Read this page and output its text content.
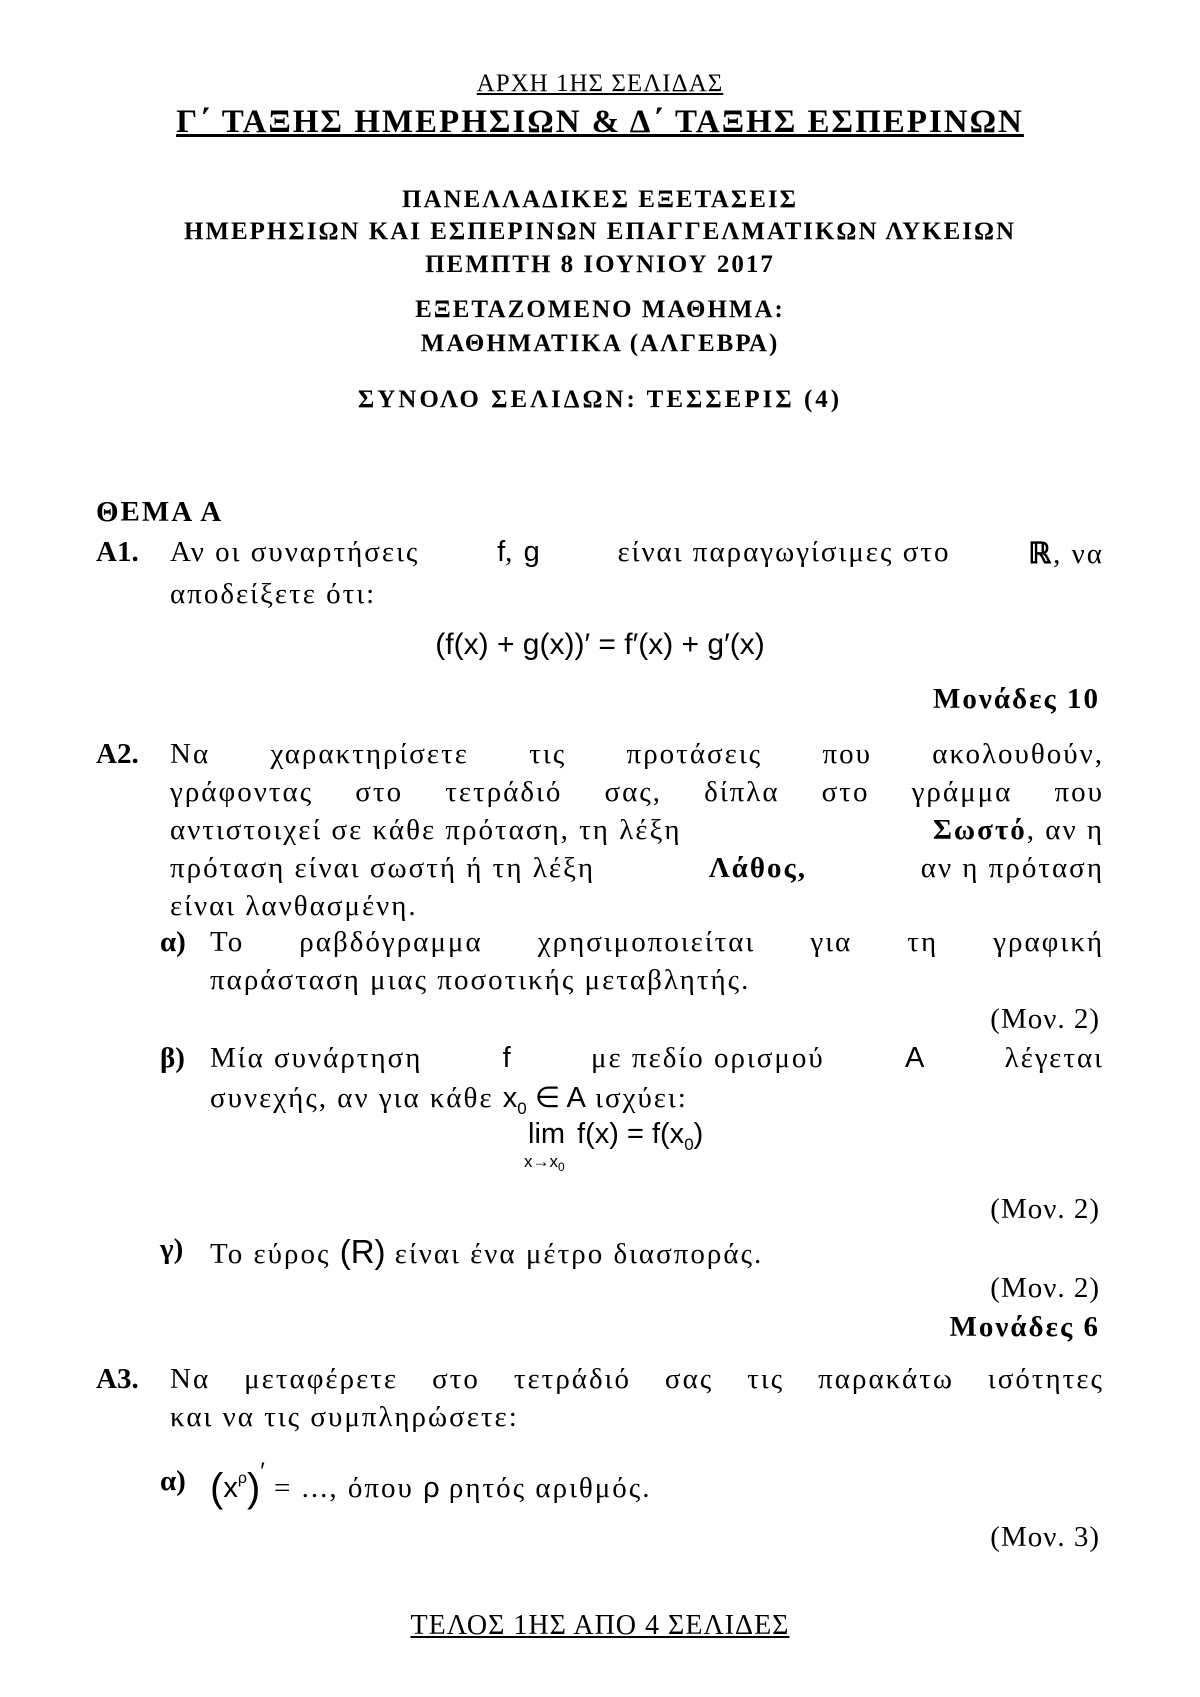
ΑΡΧΗ 1ΗΣ ΣΕΛΙΔΑΣ
Γ΄ ΤΑΞΗΣ ΗΜΕΡΗΣΙΩΝ & Δ΄ ΤΑΞΗΣ ΕΣΠΕΡΙΝΩΝ
ΠΑΝΕΛΛΑΔΙΚΕΣ ΕΞΕΤΑΣΕΙΣ
ΗΜΕΡΗΣΙΩΝ ΚΑΙ ΕΣΠΕΡΙΝΩΝ ΕΠΑΓΓΕΛΜΑΤΙΚΩΝ ΛΥΚΕΙΩΝ
ΠΕΜΠΤΗ 8 ΙΟΥΝΙΟΥ 2017
ΕΞΕΤΑΖΟΜΕΝΟ ΜΑΘΗΜΑ:
ΜΑΘΗΜΑΤΙΚΑ (ΑΛΓΕΒΡΑ)
ΣΥΝΟΛΟ ΣΕΛΙΔΩΝ: ΤΕΣΣΕΡΙΣ (4)
ΘΕΜΑ Α
Α1. Αν οι συναρτήσεις	f, g	είναι παραγωγίσιμες στο	ℝ, να
αποδείξετε ότι:
(f(x) + g(x))′ = f′(x) + g′(x)
Μονάδες 10
Α2. Να χαρακτηρίσετε τις προτάσεις που ακολουθούν,
γράφοντας στο τετράδιό σας, δίπλα στο γράμμα που
αντιστοιχεί σε κάθε πρόταση, τη λέξη	Σωστό, αν η
πρόταση είναι σωστή ή τη λέξη	Λάθος,	αν η πρόταση
είναι λανθασμένη.
α) Το ραβδόγραμμα χρησιμοποιείται για τη γραφική
παράσταση μιας ποσοτικής μεταβλητής.
(Μον. 2)
β) Μία συνάρτηση	f	με πεδίο ορισμού	Α	λέγεται
συνεχής, αν για κάθε $x_0$ ∈ A ισχύει:
lim
$x\to x_0$
$f(x) = f(x_0)$
(Μον. 2)
γ) Το εύρος (R) είναι ένα μέτρο διασποράς.
(Μον. 2)
Μονάδες 6
Α3. Να μεταφέρετε στο τετράδιό σας τις παρακάτω ισότητες
και να τις συμπληρώσετε:
α) $(x^\rho)'$ = ..., όπου ρ ρητός αριθμός.
(Μον. 3)
ΤΕΛΟΣ 1ΗΣ ΑΠΟ 4 ΣΕΛΙΔΕΣ
